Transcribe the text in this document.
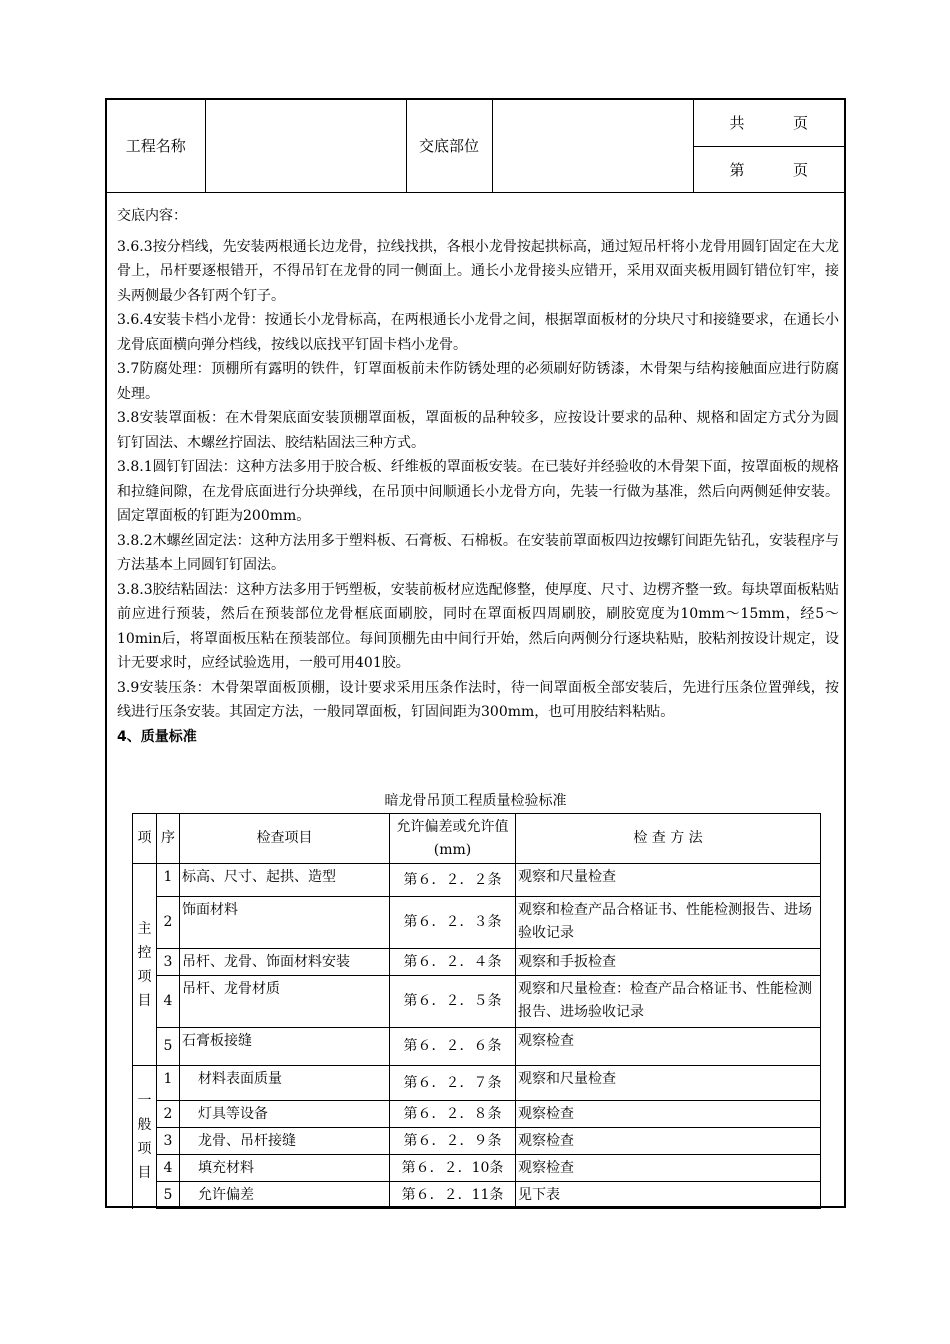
工程名称		交底部位		
共	页

第	页

交底内容：

3.6.3按分档线，先安装两根通长边龙骨，拉线找拱，各根小龙骨按起拱标高，通过短吊杆将小龙骨用圆钉固定在大龙骨上，吊杆要逐根错开，不得吊钉在龙骨的同一侧面上。通长小龙骨接头应错开，采用双面夹板用圆钉错位钉牢，接头两侧最少各钉两个钉子。

3.6.4安装卡档小龙骨：按通长小龙骨标高，在两根通长小龙骨之间，根据罩面板材的分块尺寸和接缝要求，在通长小龙骨底面横向弹分档线，按线以底找平钉固卡档小龙骨。

3.7防腐处理：顶棚所有露明的铁件，钉罩面板前未作防锈处理的必须刷好防锈漆，木骨架与结构接触面应进行防腐处理。

3.8安装罩面板：在木骨架底面安装顶棚罩面板，罩面板的品种较多，应按设计要求的品种、规格和固定方式分为圆钉钉固法、木螺丝拧固法、胶结粘固法三种方式。

3.8.1圆钉钉固法：这种方法多用于胶合板、纤维板的罩面板安装。在已装好并经验收的木骨架下面，按罩面板的规格和拉缝间隙，在龙骨底面进行分块弹线，在吊顶中间顺通长小龙骨方向，先装一行做为基准，然后向两侧延伸安装。固定罩面板的钉距为200mm。

3.8.2木螺丝固定法：这种方法用多于塑料板、石膏板、石棉板。在安装前罩面板四边按螺钉间距先钻孔，安装程序与方法基本上同圆钉钉固法。

3.8.3胶结粘固法：这种方法多用于钙塑板，安装前板材应选配修整，使厚度、尺寸、边楞齐整一致。每块罩面板粘贴前应进行预装，然后在预装部位龙骨框底面刷胶，同时在罩面板四周刷胶，刷胶宽度为10mm～15mm，经5～10min后，将罩面板压粘在预装部位。每间顶棚先由中间行开始，然后向两侧分行逐块粘贴，胶粘剂按设计规定，设计无要求时，应经试验选用，一般可用401胶。

3.9安装压条：木骨架罩面板顶棚，设计要求采用压条作法时，待一间罩面板全部安装后，先进行压条位置弹线，按线进行压条安装。其固定方法，一般同罩面板，钉固间距为300mm，也可用胶结料粘贴。

4、质量标准

暗龙骨吊顶工程质量检验标准
项	序	检查项目	允许偏差或允许值(mm)	检 查 方 法
主控项目	1	标高、尺寸、起拱、造型	第６．２．２条	观察和尺量检查
	2	饰面材料	第６．２．３条	观察和检查产品合格证书、性能检测报告、进场验收记录
	3	吊杆、龙骨、饰面材料安装	第６．２．４条	观察和手扳检查
	4	吊杆、龙骨材质	第６．２．５条	观察和尺量检查：检查产品合格证书、性能检测报告、进场验收记录
	5	石膏板接缝	第６．２．６条	观察检查
一般项目	1	材料表面质量	第６．２．７条	观察和尺量检查
	2	灯具等设备	第６．２．８条	观察检查
	3	龙骨、吊杆接缝	第６．２．９条	观察检查
	4	填充材料	第６．２．10条	观察检查
	5	允许偏差	第６．２．11条	见下表
